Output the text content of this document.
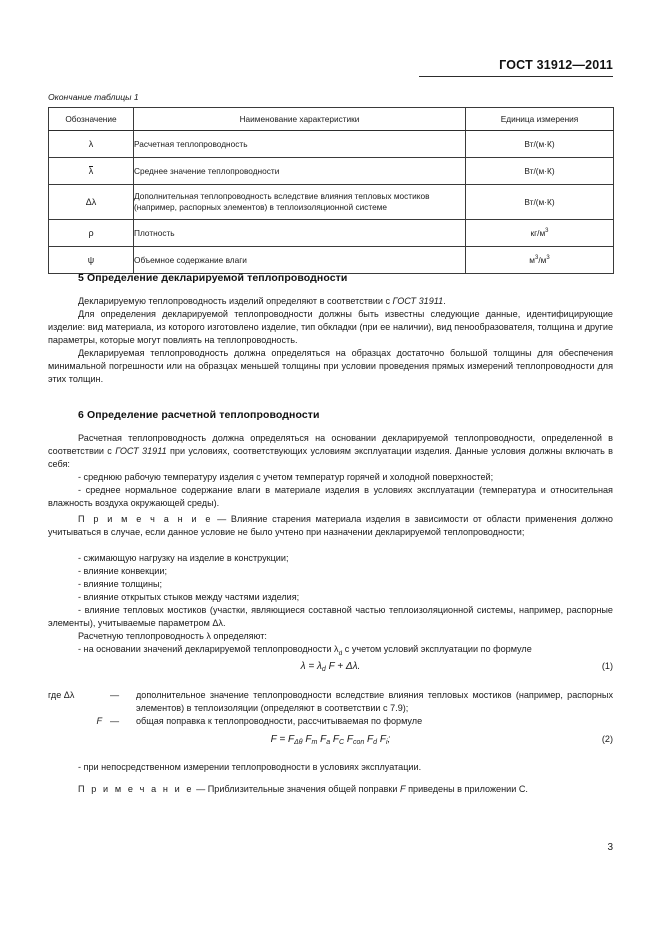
ГОСТ 31912—2011
Окончание таблицы 1
Обозначение	Наименование характеристики	Единица измерения
λ	Расчетная теплопроводность	Вт/(м·К)
λ	Среднее значение теплопроводности	Вт/(м·К)
Δλ	Дополнительная теплопроводность вследствие влияния тепловых мостиков (например, распорных элементов) в теплоизоляционной системе	Вт/(м·К)
ρ	Плотность	$кг/м^3$
ψ	Объемное содержание влаги	$м^3/м^3$
5 Определение декларируемой теплопроводности
Декларируемую теплопроводность изделий определяют в соответствии с ГОСТ 31911.
Для определения декларируемой теплопроводности должны быть известны следующие данные, идентифицирующие изделие: вид материала, из которого изготовлено изделие, тип обкладки (при ее наличии), вид пенообразователя, толщина и другие параметры, которые могут повлиять на теплопроводность.
Декларируемая теплопроводность должна определяться на образцах достаточно большой толщины для обеспечения минимальной погрешности или на образцах меньшей толщины при условии проведения прямых измерений теплопроводности для этих толщин.
6 Определение расчетной теплопроводности
Расчетная теплопроводность должна определяться на основании декларируемой теплопроводности, определенной в соответствии с ГОСТ 31911 при условиях, соответствующих условиям эксплуатации изделия. Данные условия должны включать в себя:
- среднюю рабочую температуру изделия с учетом температур горячей и холодной поверхностей;
- среднее нормальное содержание влаги в материале изделия в условиях эксплуатации (температура и относительная влажность воздуха окружающей среды).
П р и м е ч а н и е — Влияние старения материала изделия в зависимости от области применения должно учитываться в случае, если данное условие не было учтено при назначении декларируемой теплопроводности;
- сжимающую нагрузку на изделие в конструкции;
- влияние конвекции;
- влияние толщины;
- влияние открытых стыков между частями изделия;
- влияние тепловых мостиков (участки, являющиеся составной частью теплоизоляционной системы, например, распорные элементы), учитываемые параметром Δλ.
Расчетную теплопроводность λ определяют:
- на основании значений декларируемой теплопроводности $\lambda_d$ с учетом условий эксплуатации по формуле
λ = λd F + Δλ.	(1)
где Δλ	—	дополнительное значение теплопроводности вследствие влияния тепловых мостиков (например, распорных элементов) в теплоизоляции (определяют в соответствии с 7.9);
F —	общая поправка к теплопроводности, рассчитываемая по формуле
F = FΔθ Fm Fa FC Fcon Fd Fi;	(2)
- при непосредственном измерении теплопроводности в условиях эксплуатации.
П р и м е ч а н и е — Приблизительные значения общей поправки F приведены в приложении С.
3
